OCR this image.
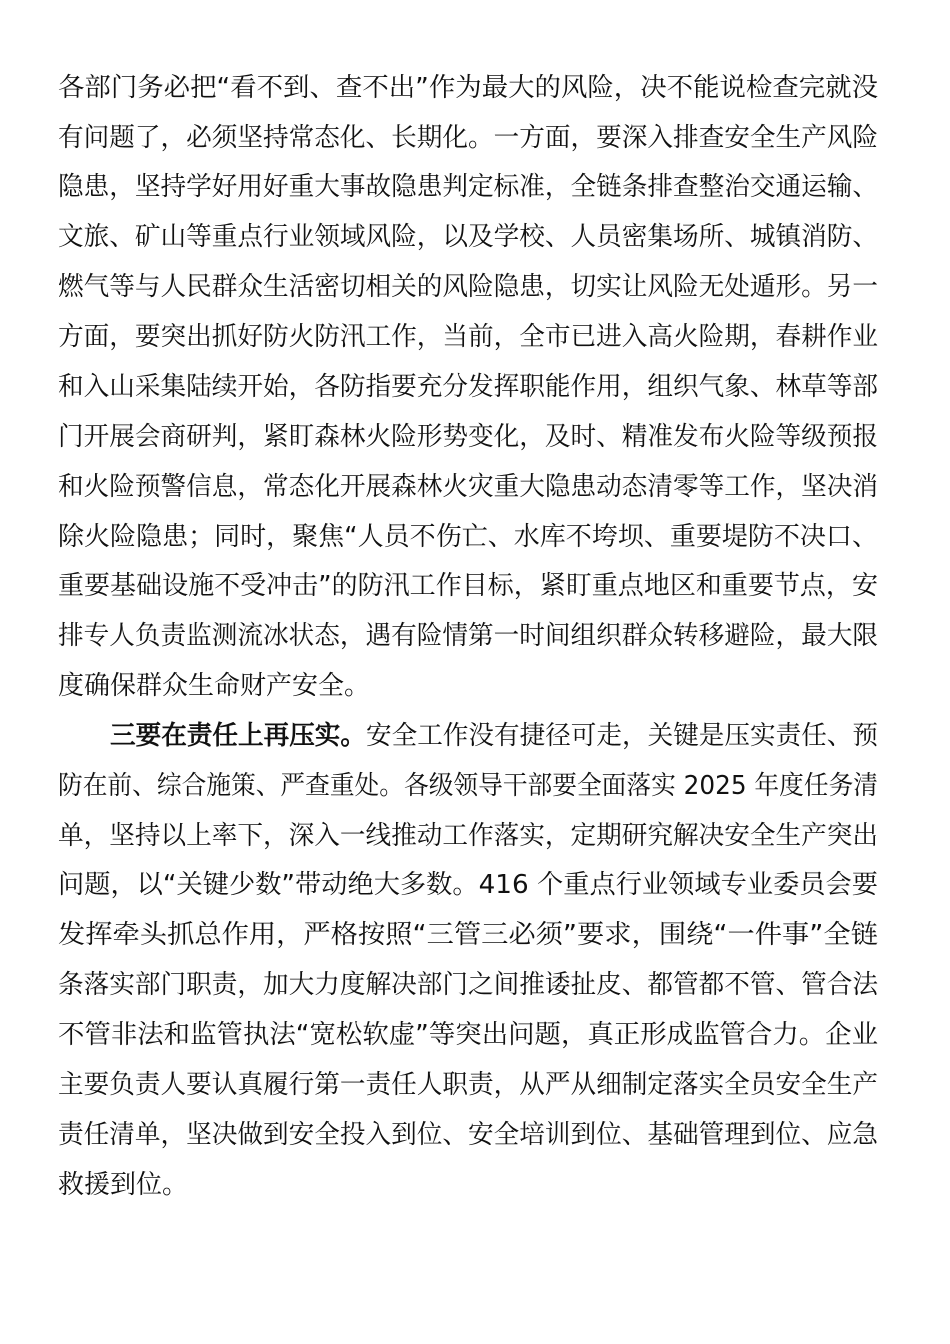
各部门务必把“看不到、查不出”作为最大的风险，决不能说检查完就没
有问题了，必须坚持常态化、长期化。一方面，要深入排查安全生产风险
隐患，坚持学好用好重大事故隐患判定标准，全链条排查整治交通运输、
文旅、矿山等重点行业领域风险，以及学校、人员密集场所、城镇消防、
燃气等与人民群众生活密切相关的风险隐患，切实让风险无处遁形。另一
方面，要突出抓好防火防汛工作，当前，全市已进入高火险期，春耕作业
和入山采集陆续开始，各防指要充分发挥职能作用，组织气象、林草等部
门开展会商研判，紧盯森林火险形势变化，及时、精准发布火险等级预报
和火险预警信息，常态化开展森林火灾重大隐患动态清零等工作，坚决消
除火险隐患；同时，聚焦“人员不伤亡、水库不垮坝、重要堤防不决口、
重要基础设施不受冲击”的防汛工作目标，紧盯重点地区和重要节点，安
排专人负责监测流冰状态，遇有险情第一时间组织群众转移避险，最大限
度确保群众生命财产安全。
三要在责任上再压实。安全工作没有捷径可走，关键是压实责任、预
防在前、综合施策、严查重处。各级领导干部要全面落实 2025 年度任务清
单，坚持以上率下，深入一线推动工作落实，定期研究解决安全生产突出
问题，以“关键少数”带动绝大多数。416 个重点行业领域专业委员会要
发挥牵头抓总作用，严格按照“三管三必须”要求，围绕“一件事”全链
条落实部门职责，加大力度解决部门之间推诿扯皮、都管都不管、管合法
不管非法和监管执法“宽松软虚”等突出问题，真正形成监管合力。企业
主要负责人要认真履行第一责任人职责，从严从细制定落实全员安全生产
责任清单，坚决做到安全投入到位、安全培训到位、基础管理到位、应急
救援到位。
